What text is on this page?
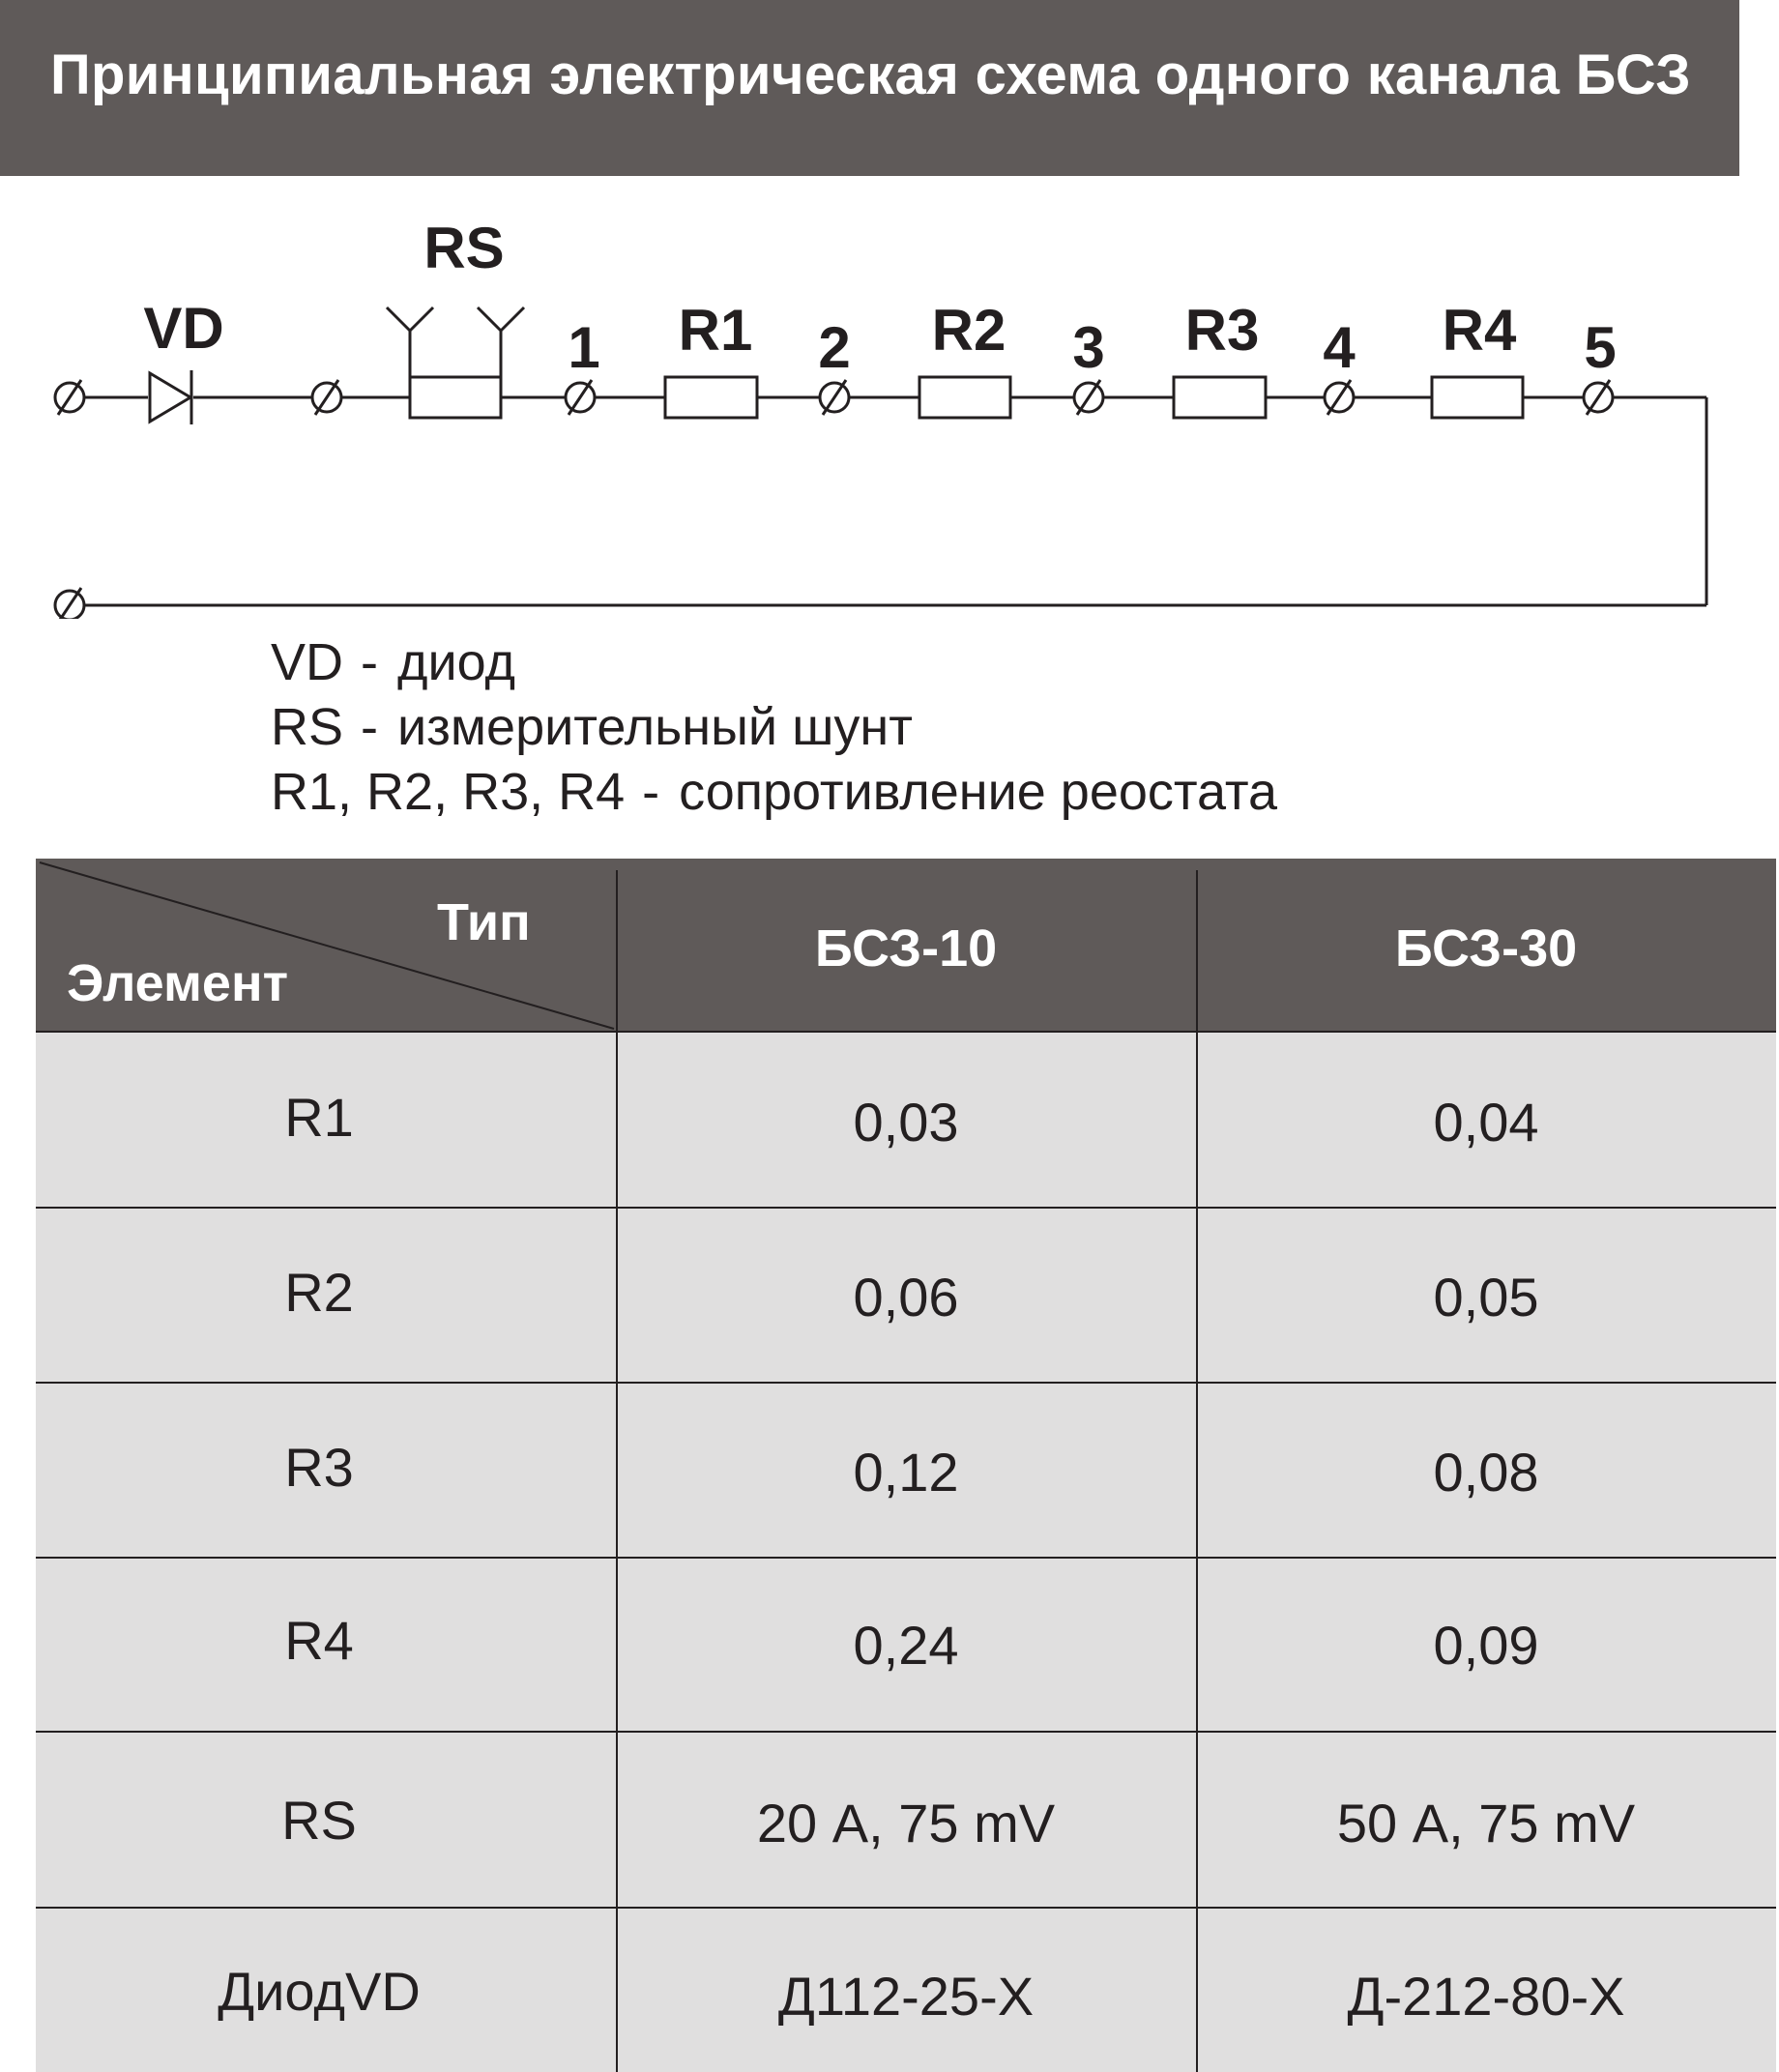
Принципиальная электрическая схема одного канала БСЗ
VD
RS
1 R1 2 R2 3 R3 4 R4 5
VD - диод
RS - измерительный шунт
R1, R2, R3, R4 - сопротивление реостата
Тип
Элемент
БСЗ-10	БСЗ-30
R1	0,03	0,04
R2	0,06	0,05
R3	0,12	0,08
R4	0,24	0,09
RS	20 А, 75 mV	50 А, 75 mV
ДиодVD	Д112-25-Х	Д-212-80-Х
